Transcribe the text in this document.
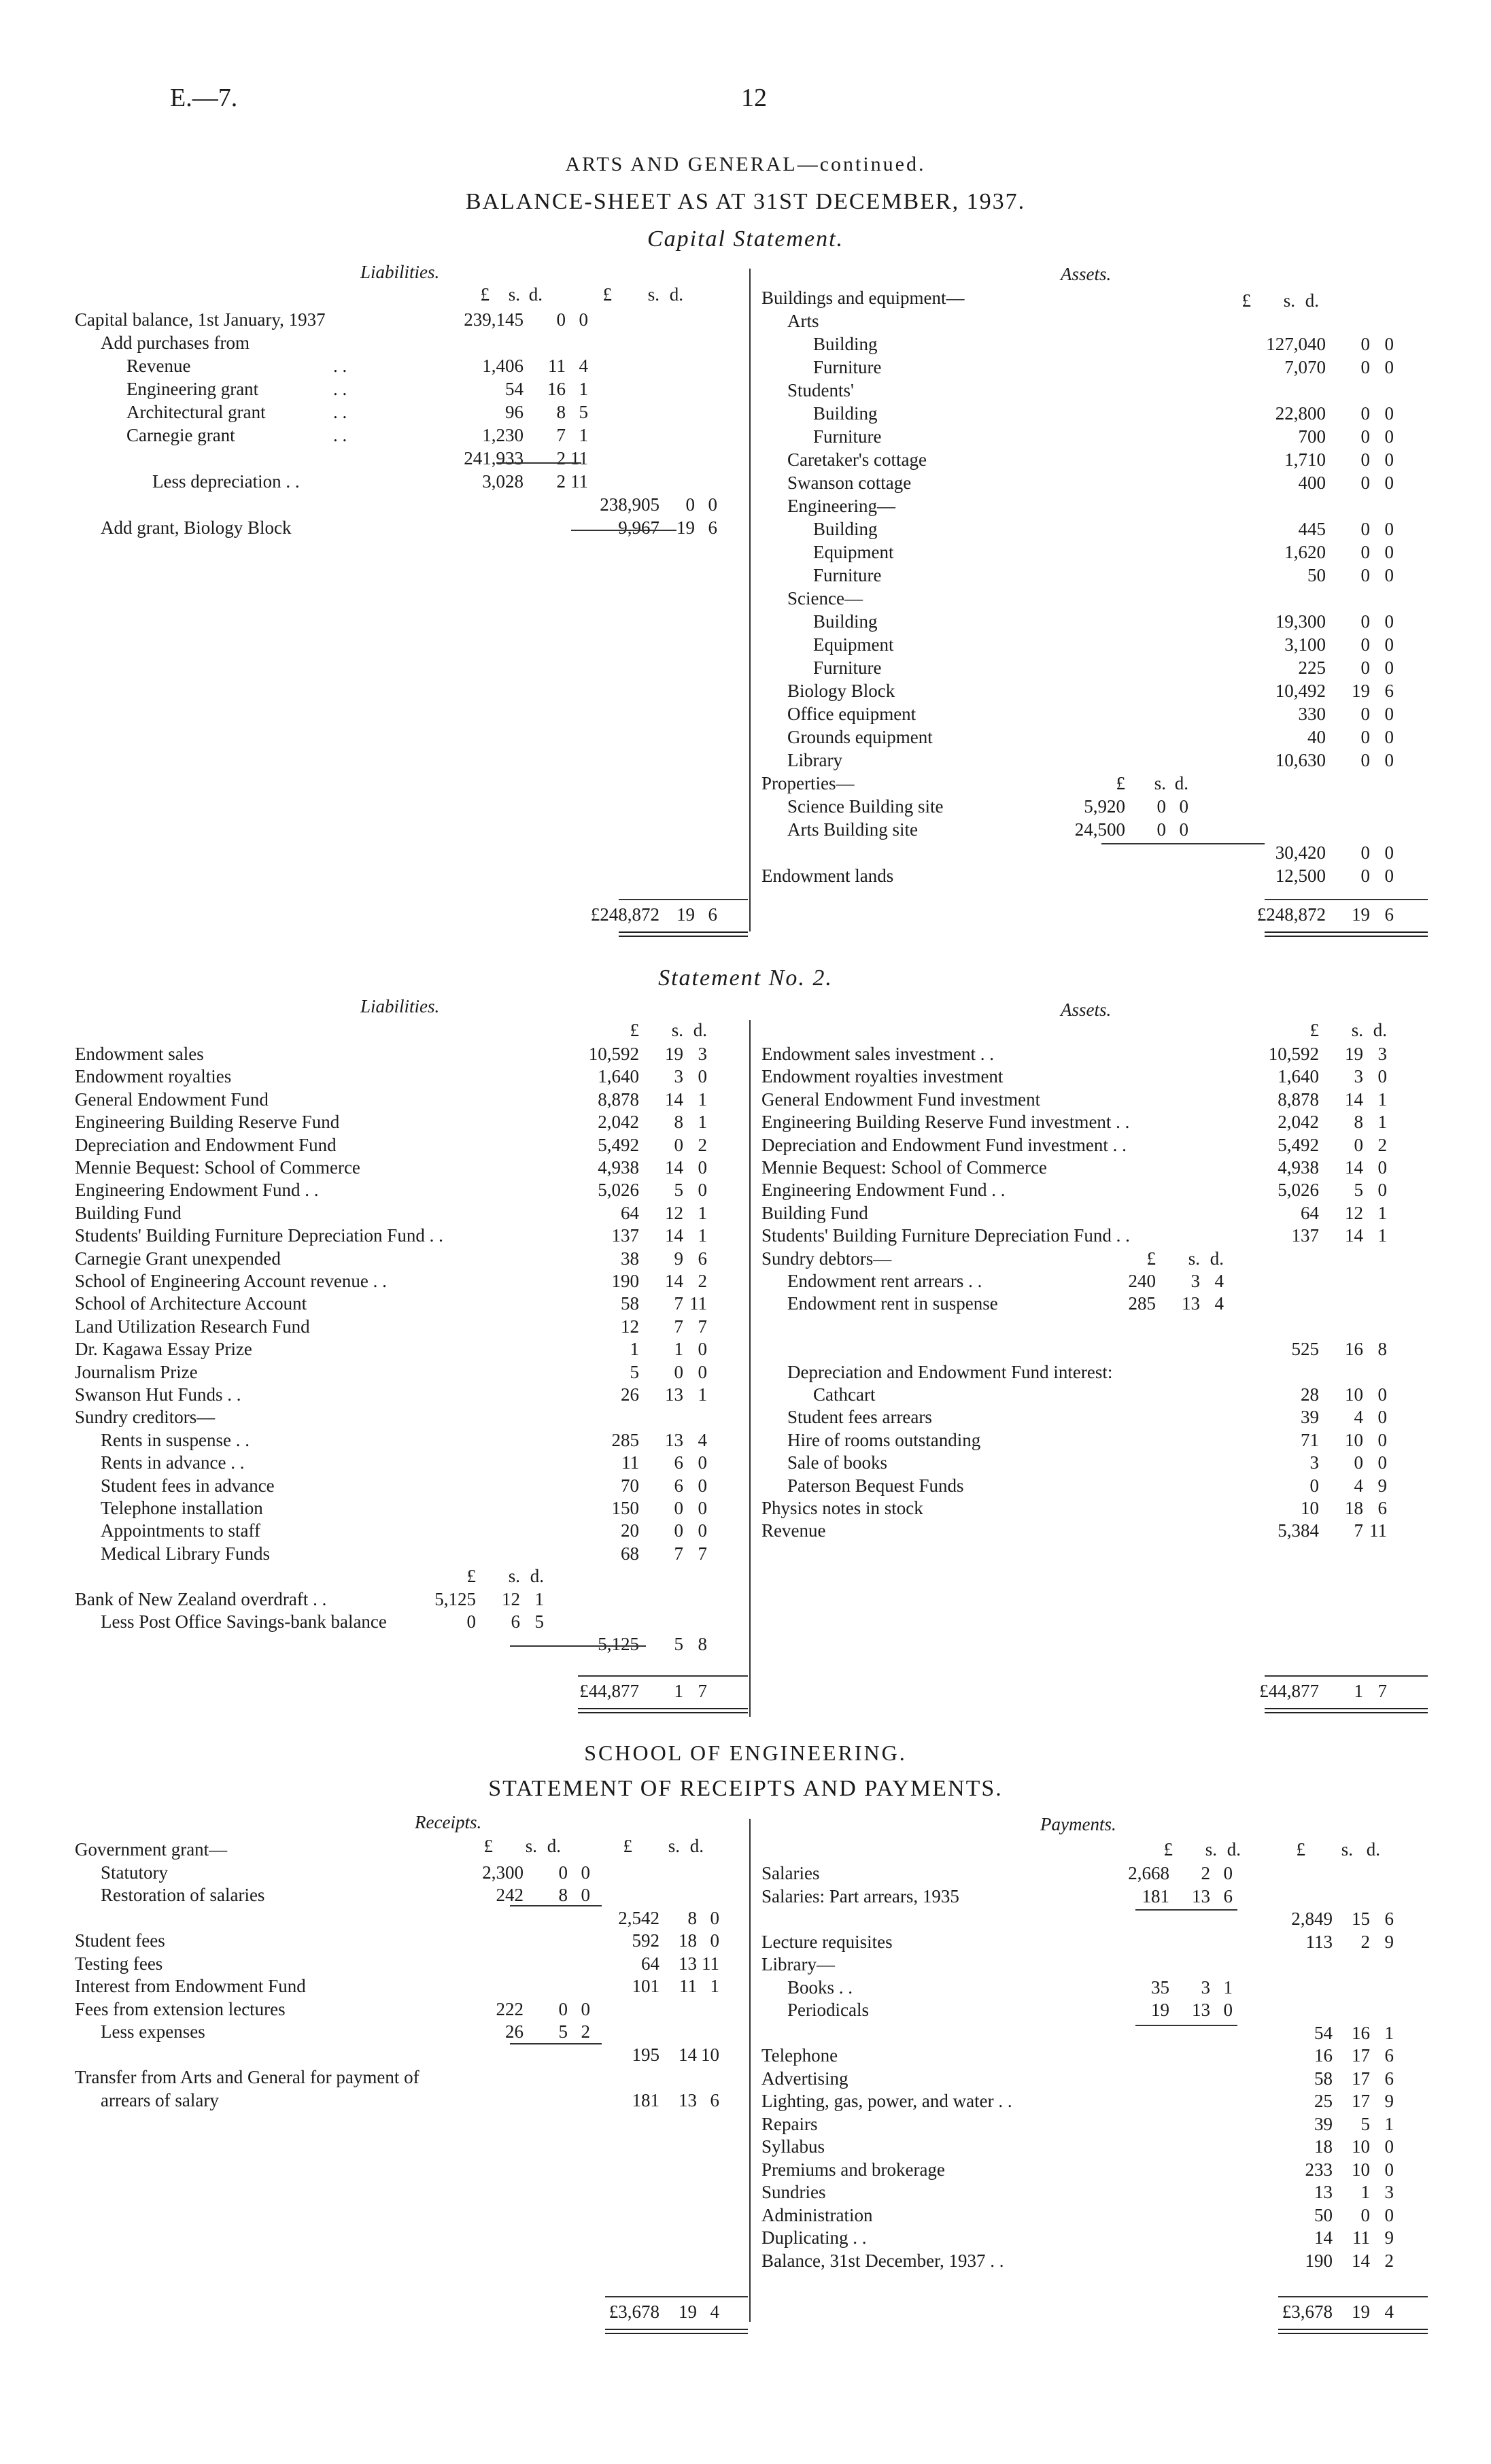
E.—7.	12
ARTS AND GENERAL—continued.
BALANCE-SHEET AS AT 31ST DECEMBER, 1937.
Capital Statement.
Liabilities.	Assets.
£ s. d.	£ s. d.
Capital balance, 1st January, 1937	239,145 0 0
Add purchases from
Revenue	. .	1,406 11 4
Engineering grant	. .	54 16 1
Architectural grant	. .	96 8 5
Carnegie grant	. .	1,230 7 1
241,933 2 11
Less depreciation . .	3,028 2 11
238,905 0 0
Add grant, Biology Block	9,967 19 6
£248,872 19 6
£ s. d.
Buildings and equipment—
Arts
Building	127,040 0 0
Furniture	7,070 0 0
Students'
Building	22,800 0 0
Furniture	700 0 0
Caretaker's cottage	1,710 0 0
Swanson cottage	400 0 0
Engineering—
Building	445 0 0
Equipment	1,620 0 0
Furniture	50 0 0
Science—
Building	19,300 0 0
Equipment	3,100 0 0
Furniture	225 0 0
Biology Block	10,492 19 6
Office equipment	330 0 0
Grounds equipment	40 0 0
Library	10,630 0 0
Properties—	£ s. d.
Science Building site	5,920 0 0
Arts Building site	24,500 0 0
30,420 0 0
Endowment lands	12,500 0 0
£248,872 19 6
Statement No. 2.
Liabilities.	Assets.
£ s. d.
Endowment sales	10,592 19 3
Endowment royalties	1,640 3 0
General Endowment Fund	8,878 14 1
Engineering Building Reserve Fund	2,042 8 1
Depreciation and Endowment Fund	5,492 0 2
Mennie Bequest: School of Commerce	4,938 14 0
Engineering Endowment Fund . .	5,026 5 0
Building Fund	64 12 1
Students' Building Furniture Depreciation Fund . .	137 14 1
Carnegie Grant unexpended	38 9 6
School of Engineering Account revenue . .	190 14 2
School of Architecture Account	58 7 11
Land Utilization Research Fund	12 7 7
Dr. Kagawa Essay Prize	1 1 0
Journalism Prize	5 0 0
Swanson Hut Funds . .	26 13 1
Sundry creditors—
Rents in suspense . .	285 13 4
Rents in advance . .	11 6 0
Student fees in advance	70 6 0
Telephone installation	150 0 0
Appointments to staff	20 0 0
Medical Library Funds	68 7 7
£ s. d.
Bank of New Zealand overdraft . .	5,125 12 1
Less Post Office Savings-bank balance	0 6 5
5,125 5 8
£44,877 1 7
£ s. d.
Endowment sales investment . .	10,592 19 3
Endowment royalties investment	1,640 3 0
General Endowment Fund investment	8,878 14 1
Engineering Building Reserve Fund investment . .	2,042 8 1
Depreciation and Endowment Fund investment . .	5,492 0 2
Mennie Bequest: School of Commerce	4,938 14 0
Engineering Endowment Fund . .	5,026 5 0
Building Fund	64 12 1
Students' Building Furniture Depreciation Fund . .	137 14 1
Sundry debtors—	£ s. d.
Endowment rent arrears . .	240 3 4
Endowment rent in suspense	285 13 4
525 16 8
Depreciation and Endowment Fund interest:
Cathcart	28 10 0
Student fees arrears	39 4 0
Hire of rooms outstanding	71 10 0
Sale of books	3 0 0
Paterson Bequest Funds	0 4 9
Physics notes in stock	10 18 6
Revenue	5,384 7 11
£44,877 1 7
SCHOOL OF ENGINEERING.
STATEMENT OF RECEIPTS AND PAYMENTS.
Receipts.	Payments.
£ s. d.	£ s. d.
Government grant—
Statutory	2,300 0 0
Restoration of salaries	242 8 0
2,542 8 0
Student fees	592 18 0
Testing fees	64 13 11
Interest from Endowment Fund	101 11 1
Fees from extension lectures	222 0 0
Less expenses	26 5 2
195 14 10
Transfer from Arts and General for payment of
arrears of salary	181 13 6
£3,678 19 4
£ s. d.	£ s. d.
Salaries	2,668 2 0
Salaries: Part arrears, 1935	181 13 6
2,849 15 6
Lecture requisites	113 2 9
Library—
Books . .	35 3 1
Periodicals	19 13 0
54 16 1
Telephone	16 17 6
Advertising	58 17 6
Lighting, gas, power, and water . .	25 17 9
Repairs	39 5 1
Syllabus	18 10 0
Premiums and brokerage	233 10 0
Sundries	13 1 3
Administration	50 0 0
Duplicating . .	14 11 9
Balance, 31st December, 1937 . .	190 14 2
£3,678 19 4
